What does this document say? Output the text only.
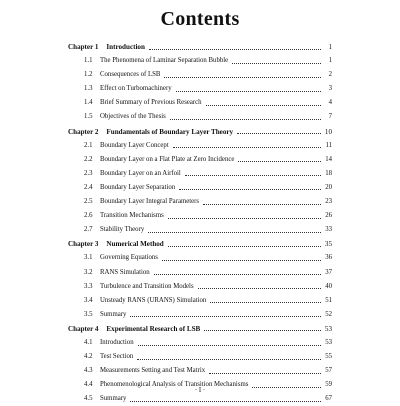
Contents
Chapter 1 Introduction	1
1.1	The Phenomena of Laminar Separation Bubble	1
1.2	Consequences of LSB	2
1.3	Effect on Turbomachinery	3
1.4	Brief Summary of Previous Research	4
1.5	Objectives of the Thesis	7
Chapter 2 Fundamentals of Boundary Layer Theory	10
2.1	Boundary Layer Concept	11
2.2	Boundary Layer on a Flat Plate at Zero Incidence	14
2.3	Boundary Layer on an Airfoil	18
2.4	Boundary Layer Separation	20
2.5	Boundary Layer Integral Parameters	23
2.6	Transition Mechanisms	26
2.7	Stability Theory	33
Chapter 3 Numerical Method	35
3.1	Governing Equations	36
3.2	RANS Simulation	37
3.3	Turbulence and Transition Models	40
3.4	Unsteady RANS (URANS) Simulation	51
3.5	Summary	52
Chapter 4 Experimental Research of LSB	53
4.1	Introduction	53
4.2	Test Section	55
4.3	Measurements Setting and Test Matrix	57
4.4	Phenomenological Analysis of Transition Mechanisms	59
4.5	Summary	67
· I ·
